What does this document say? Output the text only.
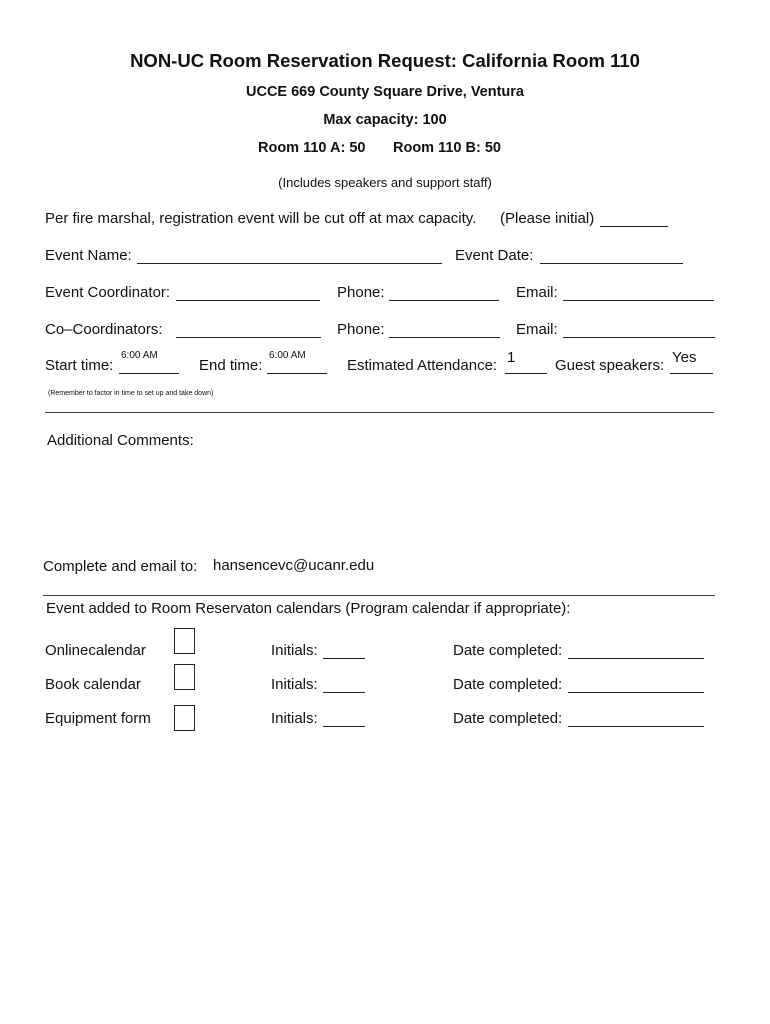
NON-UC Room Reservation Request: California Room 110
UCCE 669 County Square Drive, Ventura
Max capacity: 100
Room 110 A: 50 Room 110 B: 50
(Includes speakers and support staff)
Per fire marshal, registration event will be cut off at max capacity. (Please initial)
Event Name:	Event Date:
Event Coordinator:	Phone:	Email:
Co–Coordinators:	Phone:	Email:
Start time:
6:00 AM
End time:
6:00 AM
Estimated Attendance: 1	Guest speakers: Yes
(Remember to factor in time to set up and take down)
Additional Comments:
Complete and email to: hansencevc@ucanr.edu
Event added to Room Reservaton calendars (Program calendar if appropriate):
Onlinecalendar	Initials:	Date completed:
Book calendar	Initials:	Date completed:
Equipment form	Initials:	Date completed:
